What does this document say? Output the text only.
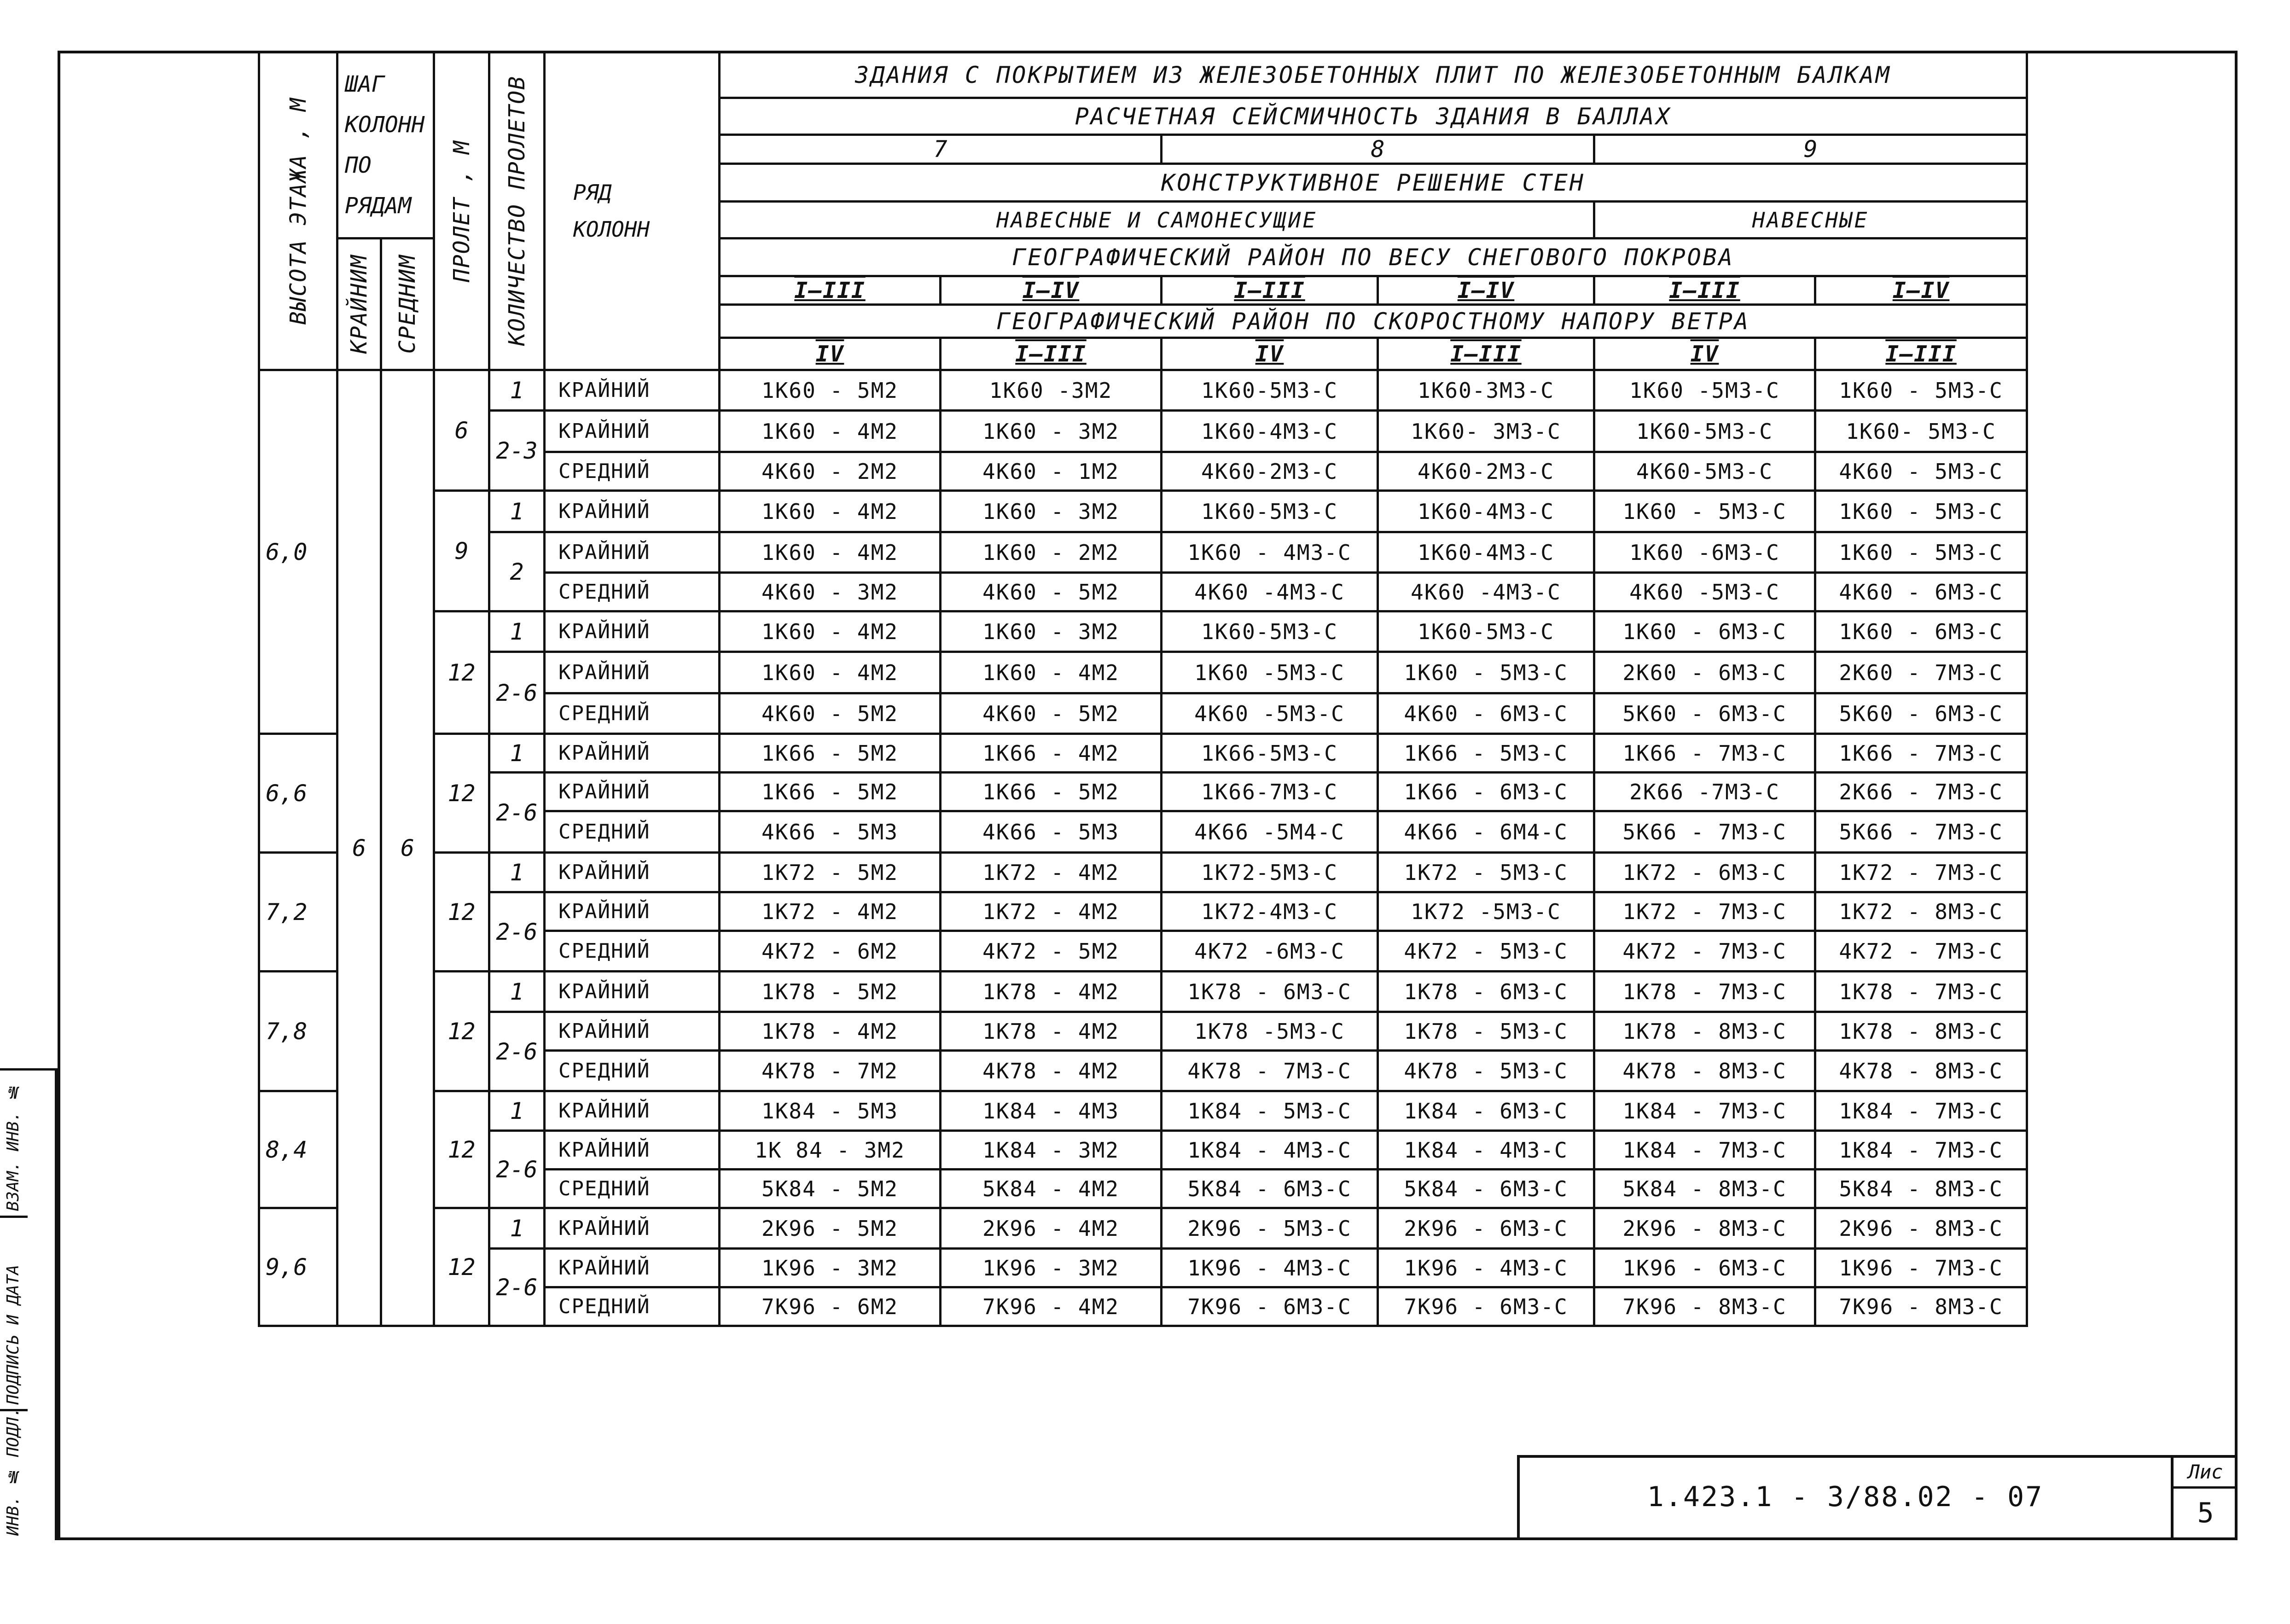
ВЗАМ. ИНВ. №
ПОДПИСЬ И ДАТА
ИНВ. № ПОДЛ.
ВЫСОТА ЭТАЖА , М	ШАГ КОЛОНН ПО РЯДАМ		ПРОЛЕТ , М	КОЛИЧЕСТВО ПРОЛЕТОВ	РЯД КОЛОНН	ЗДАНИЯ С ПОКРЫТИЕМ ИЗ ЖЕЛЕЗОБЕТОННЫХ ПЛИТ ПО ЖЕЛЕЗОБЕТОННЫМ БАЛКАМ					
						РАСЧЕТНАЯ СЕЙСМИЧНОСТЬ ЗДАНИЯ В БАЛЛАХ					
						7		8		9	
						КОНСТРУКТИВНОЕ РЕШЕНИЕ СТЕН					
						НАВЕСНЫЕ И САМОНЕСУЩИЕ				НАВЕСНЫЕ	

	КРАЙНИМ	СРЕДНИМ				ГЕОГРАФИЧЕСКИЙ РАЙОН ПО ВЕСУ СНЕГОВОГО ПОКРОВА					
						I–III	I–IV	I–III	I–IV	I–III	I–IV
						ГЕОГРАФИЧЕСКИЙ РАЙОН ПО СКОРОСТНОМУ НАПОРУ ВЕТРА					
						IV	I–III	IV	I–III	IV	I–III
6,0	6	6	6	1	КРАЙНИЙ	1К60 - 5М2	1К60 -3М2	1К60-5М3-С	1К60-3М3-С	1К60 -5М3-С	1К60 - 5М3-С
				2-3	КРАЙНИЙ	1К60 - 4М2	1К60 - 3М2	1К60-4М3-С	1К60- 3М3-С	1К60-5М3-С	1К60- 5М3-С
					СРЕДНИЙ	4К60 - 2М2	4К60 - 1М2	4К60-2М3-С	4К60-2М3-С	4К60-5М3-С	4К60 - 5М3-С
			9	1	КРАЙНИЙ	1К60 - 4М2	1К60 - 3М2	1К60-5М3-С	1К60-4М3-С	1К60 - 5М3-С	1К60 - 5М3-С
				2	КРАЙНИЙ	1К60 - 4М2	1К60 - 2М2	1К60 - 4М3-С	1К60-4М3-С	1К60 -6М3-С	1К60 - 5М3-С
					СРЕДНИЙ	4К60 - 3М2	4К60 - 5М2	4К60 -4М3-С	4К60 -4М3-С	4К60 -5М3-С	4К60 - 6М3-С
			12	1	КРАЙНИЙ	1К60 - 4М2	1К60 - 3М2	1К60-5М3-С	1К60-5М3-С	1К60 - 6М3-С	1К60 - 6М3-С
				2-6	КРАЙНИЙ	1К60 - 4М2	1К60 - 4М2	1К60 -5М3-С	1К60 - 5М3-С	2К60 - 6М3-С	2К60 - 7М3-С
					СРЕДНИЙ	4К60 - 5М2	4К60 - 5М2	4К60 -5М3-С	4К60 - 6М3-С	5К60 - 6М3-С	5К60 - 6М3-С
6,6			12	1	КРАЙНИЙ	1К66 - 5М2	1К66 - 4М2	1К66-5М3-С	1К66 - 5М3-С	1К66 - 7М3-С	1К66 - 7М3-С
				2-6	КРАЙНИЙ	1К66 - 5М2	1К66 - 5М2	1К66-7М3-С	1К66 - 6М3-С	2К66 -7М3-С	2К66 - 7М3-С
					СРЕДНИЙ	4К66 - 5М3	4К66 - 5М3	4К66 -5М4-С	4К66 - 6М4-С	5К66 - 7М3-С	5К66 - 7М3-С
7,2			12	1	КРАЙНИЙ	1К72 - 5М2	1К72 - 4М2	1К72-5М3-С	1К72 - 5М3-С	1К72 - 6М3-С	1К72 - 7М3-С
				2-6	КРАЙНИЙ	1К72 - 4М2	1К72 - 4М2	1К72-4М3-С	1К72 -5М3-С	1К72 - 7М3-С	1К72 - 8М3-С
					СРЕДНИЙ	4К72 - 6М2	4К72 - 5М2	4К72 -6М3-С	4К72 - 5М3-С	4К72 - 7М3-С	4К72 - 7М3-С
7,8			12	1	КРАЙНИЙ	1К78 - 5М2	1К78 - 4М2	1К78 - 6М3-С	1К78 - 6М3-С	1К78 - 7М3-С	1К78 - 7М3-С
				2-6	КРАЙНИЙ	1К78 - 4М2	1К78 - 4М2	1К78 -5М3-С	1К78 - 5М3-С	1К78 - 8М3-С	1К78 - 8М3-С
					СРЕДНИЙ	4К78 - 7М2	4К78 - 4М2	4К78 - 7М3-С	4К78 - 5М3-С	4К78 - 8М3-С	4К78 - 8М3-С
8,4			12	1	КРАЙНИЙ	1К84 - 5М3	1К84 - 4М3	1К84 - 5М3-С	1К84 - 6М3-С	1К84 - 7М3-С	1К84 - 7М3-С
				2-6	КРАЙНИЙ	1К 84 - 3М2	1К84 - 3М2	1К84 - 4М3-С	1К84 - 4М3-С	1К84 - 7М3-С	1К84 - 7М3-С
					СРЕДНИЙ	5К84 - 5М2	5К84 - 4М2	5К84 - 6М3-С	5К84 - 6М3-С	5К84 - 8М3-С	5К84 - 8М3-С
9,6			12	1	КРАЙНИЙ	2К96 - 5М2	2К96 - 4М2	2К96 - 5М3-С	2К96 - 6М3-С	2К96 - 8М3-С	2К96 - 8М3-С
				2-6	КРАЙНИЙ	1К96 - 3М2	1К96 - 3М2	1К96 - 4М3-С	1К96 - 4М3-С	1К96 - 6М3-С	1К96 - 7М3-С
					СРЕДНИЙ	7К96 - 6М2	7К96 - 4М2	7К96 - 6М3-С	7К96 - 6М3-С	7К96 - 8М3-С	7К96 - 8М3-С
1.423.1 - 3/88.02 - 07
Лис
5
